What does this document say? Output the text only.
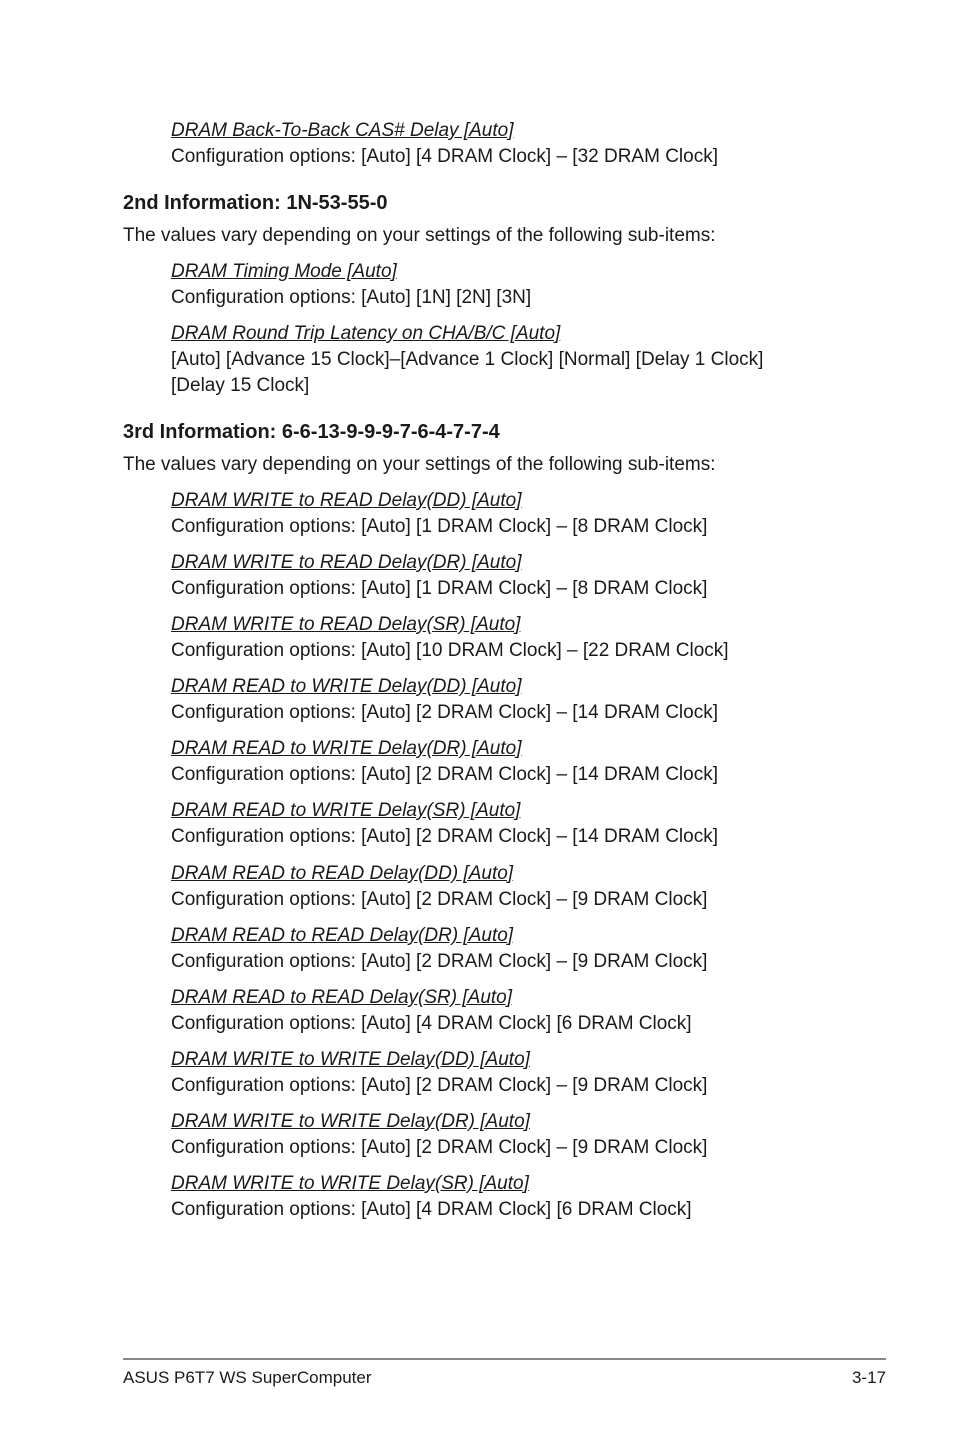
DRAM Back-To-Back CAS# Delay [Auto]
Configuration options: [Auto] [4 DRAM Clock] – [32 DRAM Clock]
2nd Information: 1N-53-55-0
The values vary depending on your settings of the following sub-items:
DRAM Timing Mode [Auto]
Configuration options: [Auto] [1N] [2N] [3N]
DRAM Round Trip Latency on CHA/B/C [Auto]
[Auto] [Advance 15 Clock]–[Advance 1 Clock] [Normal] [Delay 1 Clock] [Delay 15 Clock]
3rd Information: 6-6-13-9-9-9-7-6-4-7-7-4
The values vary depending on your settings of the following sub-items:
DRAM WRITE to READ Delay(DD) [Auto]
Configuration options: [Auto] [1 DRAM Clock] – [8 DRAM Clock]
DRAM WRITE to READ Delay(DR) [Auto]
Configuration options: [Auto] [1 DRAM Clock] – [8 DRAM Clock]
DRAM WRITE to READ Delay(SR) [Auto]
Configuration options: [Auto] [10 DRAM Clock] – [22 DRAM Clock]
DRAM READ to WRITE Delay(DD) [Auto]
Configuration options: [Auto] [2 DRAM Clock] – [14 DRAM Clock]
DRAM READ to WRITE Delay(DR) [Auto]
Configuration options: [Auto] [2 DRAM Clock] – [14 DRAM Clock]
DRAM READ to WRITE Delay(SR) [Auto]
Configuration options: [Auto] [2 DRAM Clock] – [14 DRAM Clock]
DRAM READ to READ Delay(DD) [Auto]
Configuration options: [Auto] [2 DRAM Clock] – [9 DRAM Clock]
DRAM READ to READ Delay(DR) [Auto]
Configuration options: [Auto] [2 DRAM Clock] – [9 DRAM Clock]
DRAM READ to READ Delay(SR) [Auto]
Configuration options: [Auto] [4 DRAM Clock] [6 DRAM Clock]
DRAM WRITE to WRITE Delay(DD) [Auto]
Configuration options: [Auto] [2 DRAM Clock] – [9 DRAM Clock]
DRAM WRITE to WRITE Delay(DR) [Auto]
Configuration options: [Auto] [2 DRAM Clock] – [9 DRAM Clock]
DRAM WRITE to WRITE Delay(SR) [Auto]
Configuration options: [Auto] [4 DRAM Clock] [6 DRAM Clock]
ASUS P6T7 WS SuperComputer	3-17
